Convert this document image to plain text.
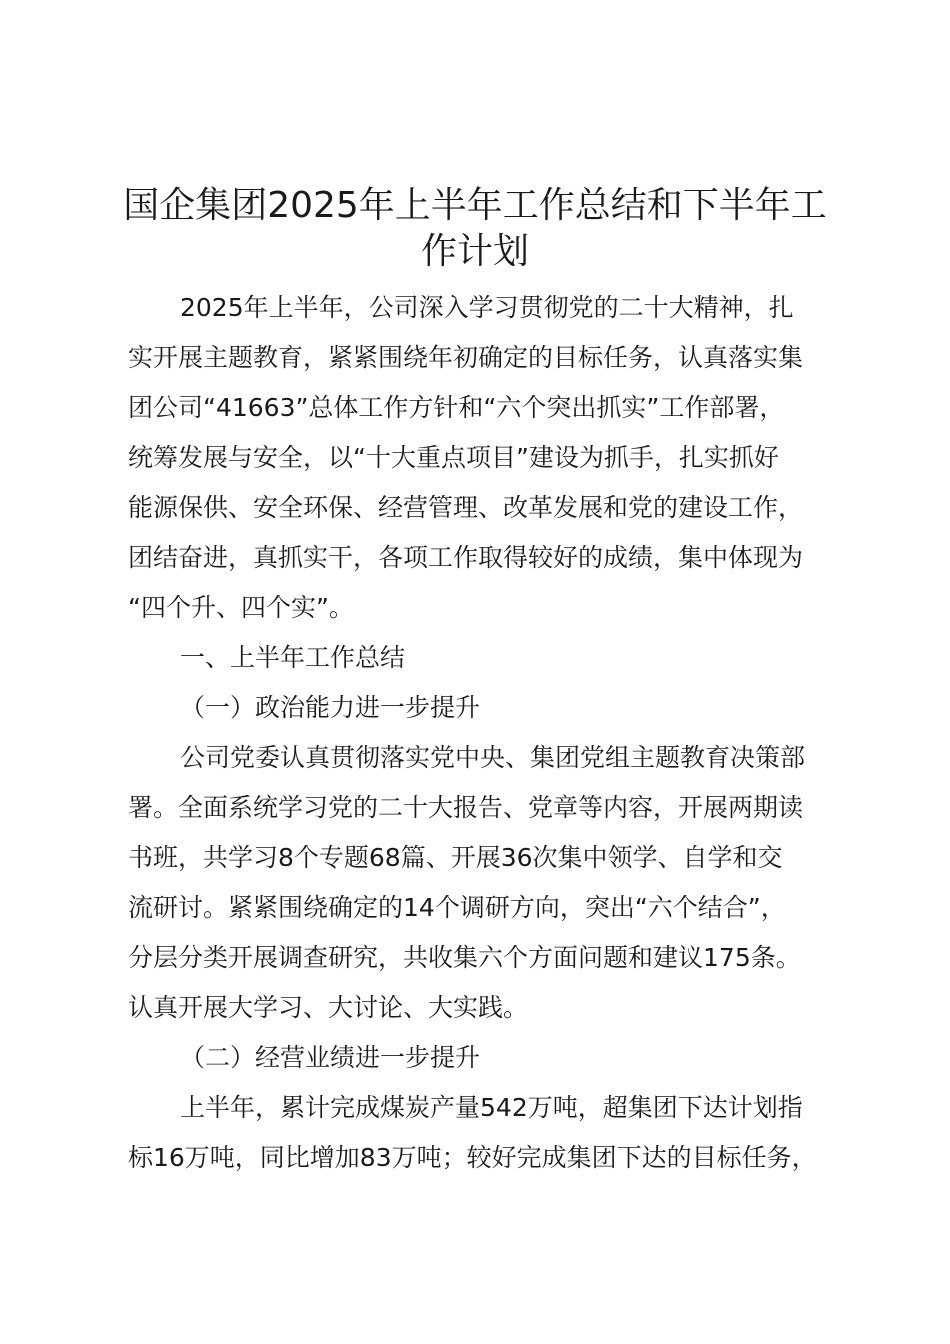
国企集团2025年上半年工作总结和下半年工
作计划
2025年上半年，公司深入学习贯彻党的二十大精神，扎
实开展主题教育，紧紧围绕年初确定的目标任务，认真落实集
团公司“41663”总体工作方针和“六个突出抓实”工作部署，
统筹发展与安全，以“十大重点项目”建设为抓手，扎实抓好
能源保供、安全环保、经营管理、改革发展和党的建设工作，
团结奋进，真抓实干，各项工作取得较好的成绩，集中体现为
“四个升、四个实”。
一、上半年工作总结
（一）政治能力进一步提升
公司党委认真贯彻落实党中央、集团党组主题教育决策部
署。全面系统学习党的二十大报告、党章等内容，开展两期读
书班，共学习8个专题68篇、开展36次集中领学、自学和交
流研讨。紧紧围绕确定的14个调研方向，突出“六个结合”，
分层分类开展调查研究，共收集六个方面问题和建议175条。
认真开展大学习、大讨论、大实践。
（二）经营业绩进一步提升
上半年，累计完成煤炭产量542万吨，超集团下达计划指
标16万吨，同比增加83万吨；较好完成集团下达的目标任务，
